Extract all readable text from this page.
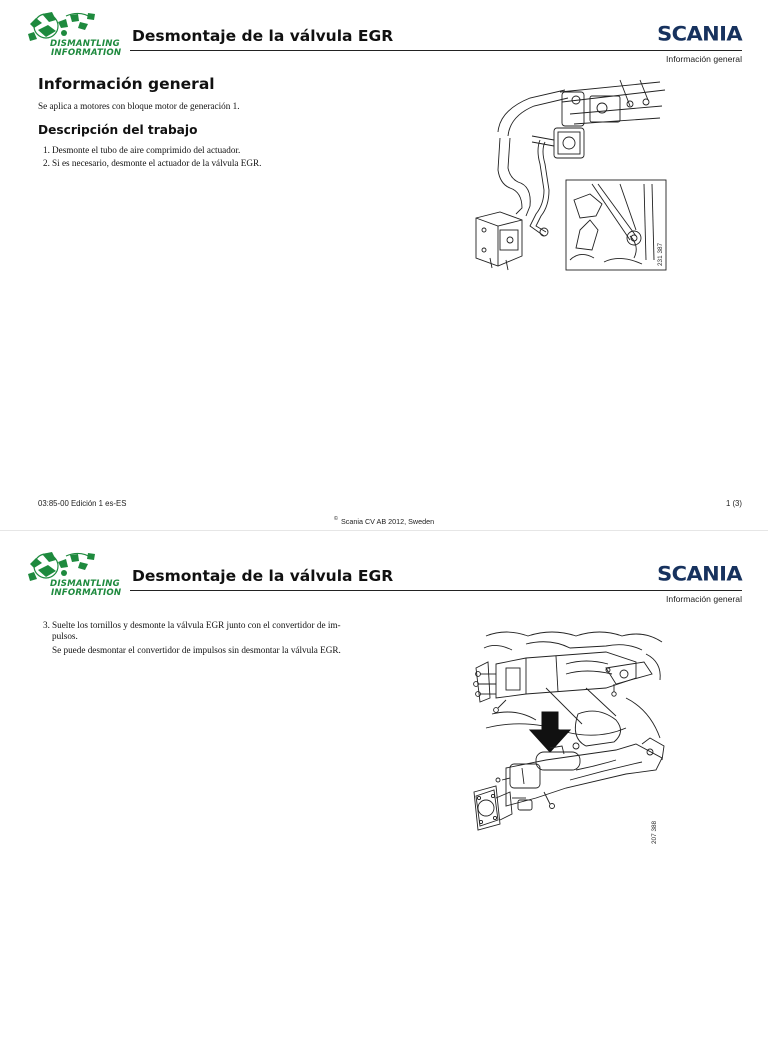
DISMANTLING
INFORMATION
Desmontaje de la válvula EGR	SCANIA
Información general
Información general
Se aplica a motores con bloque motor de generación 1.
Descripción del trabajo
1. Desmonte el tubo de aire comprimido del actuador.
2. Si es necesario, desmonte el actuador de la válvula EGR.
231 387
03:85-00 Edición 1 es-ES	1 (3)
© Scania CV AB 2012, Sweden
DISMANTLING
INFORMATION
Desmontaje de la válvula EGR	SCANIA
Información general
3. Suelte los tornillos y desmonte la válvula EGR junto con el convertidor de im-
pulsos.
Se puede desmontar el convertidor de impulsos sin desmontar la válvula EGR.
207 388
